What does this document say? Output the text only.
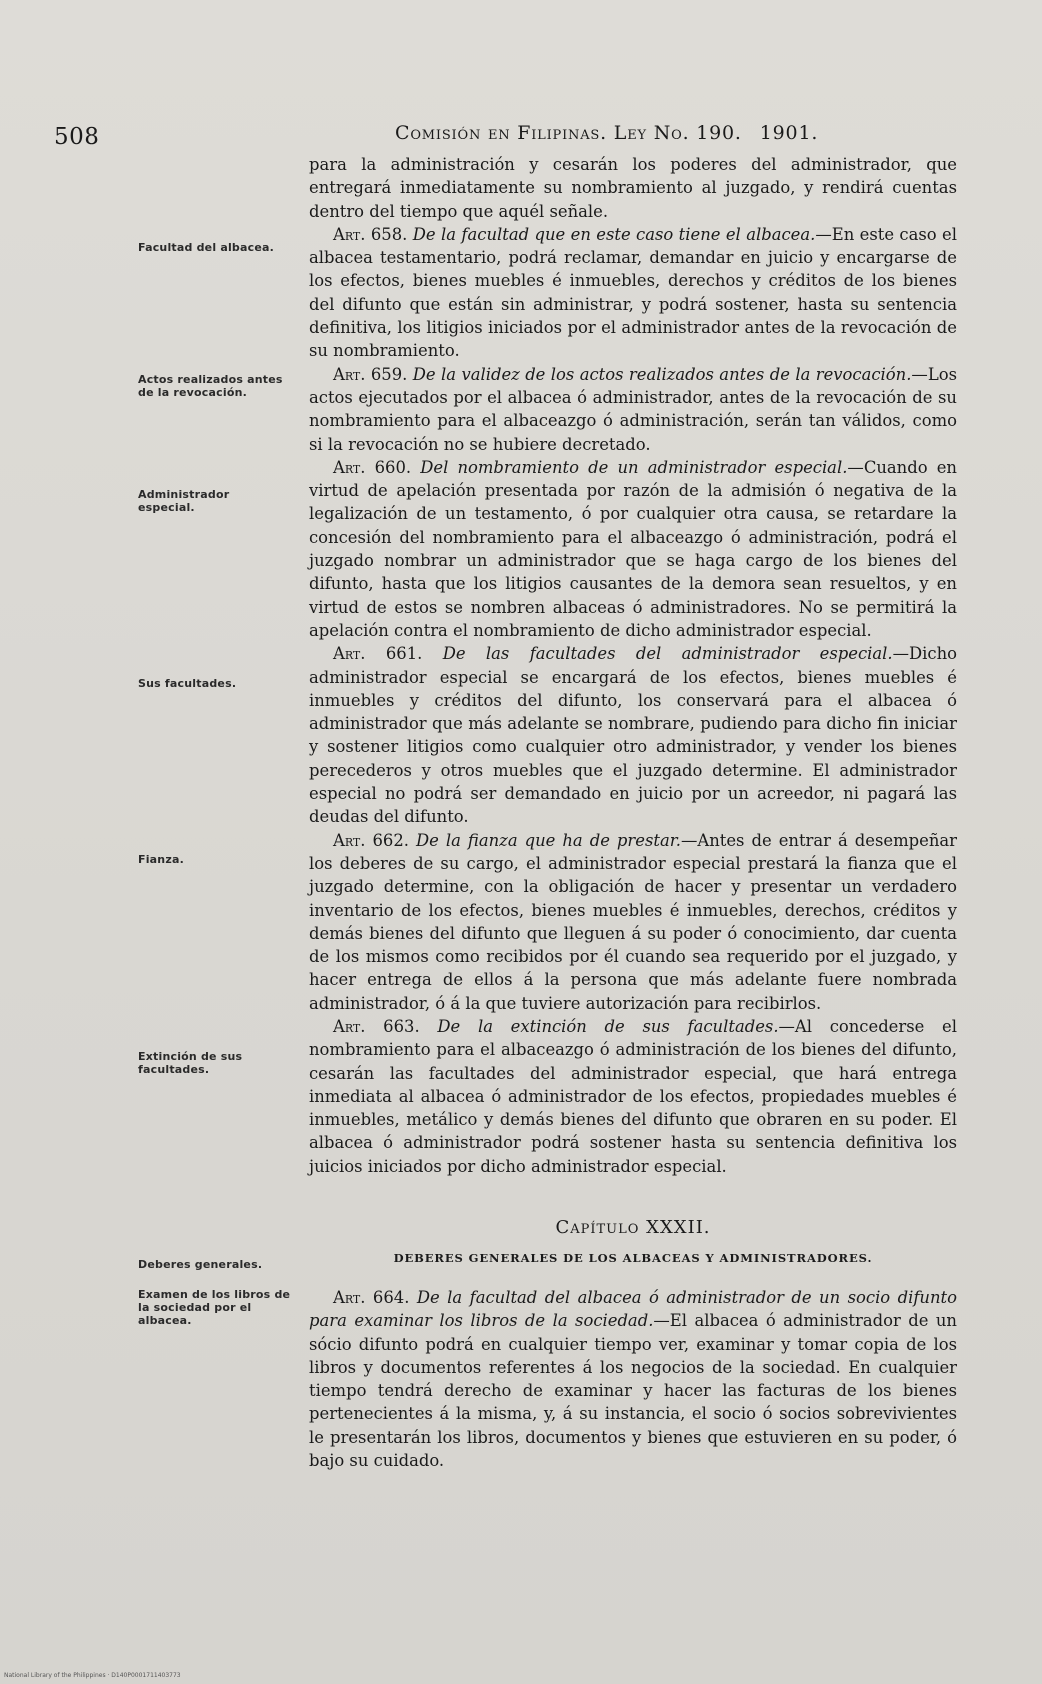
508	Comisión en Filipinas. Ley No. 190. 1901.

para la administración y cesarán los poderes del administrador, que entregará inmediatamente su nombramiento al juzgado, y rendirá cuentas dentro del tiempo que aquél señale.

Art. 658. De la facultad que en este caso tiene el albacea.—En este caso el albacea testamentario, podrá reclamar, demandar en juicio y encargarse de los efectos, bienes muebles é inmuebles, derechos y créditos de los bienes del difunto que están sin administrar, y podrá sostener, hasta su sentencia definitiva, los litigios iniciados por el administrador antes de la revocación de su nombramiento.

Art. 659. De la validez de los actos realizados antes de la revocación.—Los actos ejecutados por el albacea ó administrador, antes de la revocación de su nombramiento para el albaceazgo ó administración, serán tan válidos, como si la revocación no se hubiere decretado.

Art. 660. Del nombramiento de un administrador especial.—Cuando en virtud de apelación presentada por razón de la admisión ó negativa de la legalización de un testamento, ó por cualquier otra causa, se retardare la concesión del nombramiento para el albaceazgo ó administración, podrá el juzgado nombrar un administrador que se haga cargo de los bienes del difunto, hasta que los litigios causantes de la demora sean resueltos, y en virtud de estos se nombren albaceas ó administradores. No se permitirá la apelación contra el nombramiento de dicho administrador especial.

Art. 661. De las facultades del administrador especial.—Dicho administrador especial se encargará de los efectos, bienes muebles é inmuebles y créditos del difunto, los conservará para el albacea ó administrador que más adelante se nombrare, pudiendo para dicho fin iniciar y sostener litigios como cualquier otro administrador, y vender los bienes perecederos y otros muebles que el juzgado determine. El administrador especial no podrá ser demandado en juicio por un acreedor, ni pagará las deudas del difunto.

Art. 662. De la fianza que ha de prestar.—Antes de entrar á desempeñar los deberes de su cargo, el administrador especial prestará la fianza que el juzgado determine, con la obligación de hacer y presentar un verdadero inventario de los efectos, bienes muebles é inmuebles, derechos, créditos y demás bienes del difunto que lleguen á su poder ó conocimiento, dar cuenta de los mismos como recibidos por él cuando sea requerido por el juzgado, y hacer entrega de ellos á la persona que más adelante fuere nombrada administrador, ó á la que tuviere autorización para recibirlos.

Art. 663. De la extinción de sus facultades.—Al concederse el nombramiento para el albaceazgo ó administración de los bienes del difunto, cesarán las facultades del administrador especial, que hará entrega inmediata al albacea ó administrador de los efectos, propiedades muebles é inmuebles, metálico y demás bienes del difunto que obraren en su poder. El albacea ó administrador podrá sostener hasta su sentencia definitiva los juicios iniciados por dicho administrador especial.

Capítulo XXXII.
DEBERES GENERALES DE LOS ALBACEAS Y ADMINISTRADORES.

Art. 664. De la facultad del albacea ó administrador de un socio difunto para examinar los libros de la sociedad.—El albacea ó administrador de un sócio difunto podrá en cualquier tiempo ver, examinar y tomar copia de los libros y documentos referentes á los negocios de la sociedad. En cualquier tiempo tendrá derecho de examinar y hacer las facturas de los bienes pertenecientes á la misma, y, á su instancia, el socio ó socios sobrevivientes le presentarán los libros, documentos y bienes que estuvieren en su poder, ó bajo su cuidado.

Facultad del albacea.
Actos realizados antes de la revocación.
Administrador especial.
Sus facultades.
Fianza.
Extinción de sus facultades.
Deberes generales.
Examen de los libros de la sociedad por el albacea.
National Library of the Philippines · D140P0001711403773
